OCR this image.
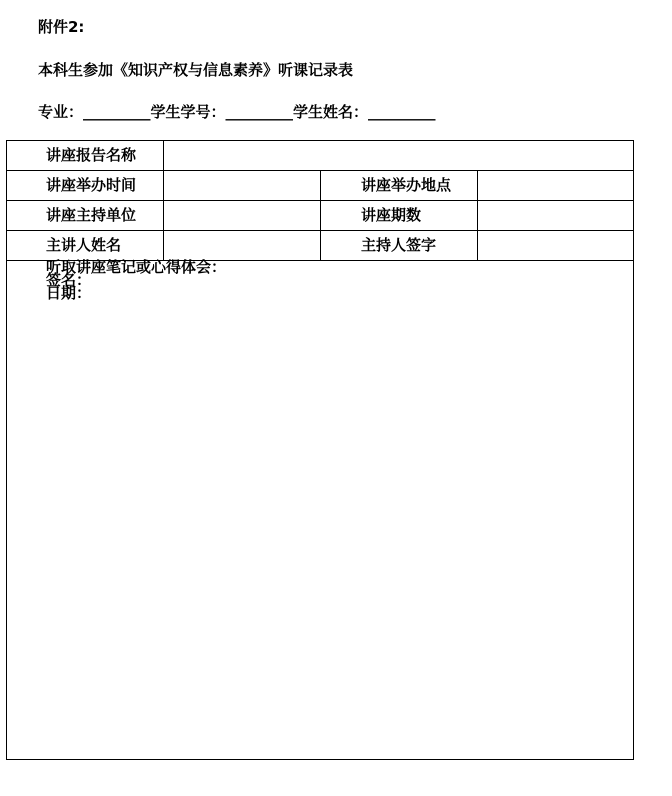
附件2:
本科生参加《知识产权与信息素养》听课记录表
专业：_________学生学号：_________学生姓名：_________
讲座报告名称
讲座举办时间	讲座举办地点
讲座主持单位	讲座期数
主讲人姓名	主持人签字
听取讲座笔记或心得体会：
签名：
日期：
